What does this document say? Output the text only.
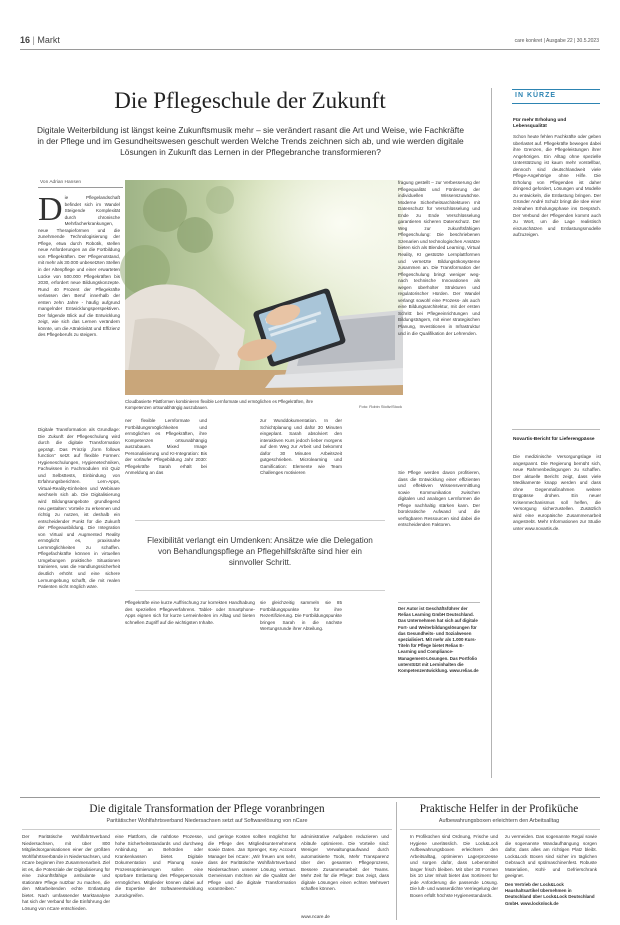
16 | Markt	care konkret | Ausgabe 22 | 30.5.2023
Die Pflegeschule der Zukunft
Digitale Weiterbildung ist längst keine Zukunftsmusik mehr – sie verändert rasant die Art und Weise, wie Fachkräfte in der Pflege und im Gesundheitswesen geschult werden Welche Trends zeichnen sich ab, und wie werden digitale Lösungen in Zukunft das Lernen in der Pflegebranche transformieren?
Von Adrian Hansen
D ie Pflegelandschaft befindet sich im Wandel Steigende Komplexität durch chronische Mehrfacherkrankungen, neue Therapieformen und die zunehmende Technologisierung der Pflege, etwa durch Robotik, stellen neue Anforderungen an die Fortbildung von Pflegekräften. Der Pflegenotstand, mit mehr als 30.000 unbesetzten Stellen in der Altenpflege und einer erwarteten Lücke von 500.000 Pflegekräften bis 2030, erfordert neue Bildungskonzepte. Rund 40 Prozent der Pflegekräfte verlassen den Beruf innerhalb der ersten zehn Jahre - häufig aufgrund mangelnder Entwicklungsperspektiven. Der folgende Blick auf die Entwicklung zeigt, wie sich das Lernen verändern könnte, um die Attraktivität und Effizienz des Pflegeberufs zu steigern.
Digitale Transformation als Grundlage: Die Zukunft der Pflegeschulung wird durch die digitale Transformation geprägt. Das Prinzip „form follows function“ setzt auf flexible Formen: Hygieneschulungen, Hygienetechniken, Fachwissen in Fachmodulen mit Quiz und Selbsttests, Einbindung von Erfahrungsberichten. Lern-Apps, Virtual-Reality-Einheiten und Webinare wechseln sich ab. Die Digitalisierung wird Bildungsangebote grundlegend neu gestalten: Vorteile zu erkennen und richtig zu nutzen, ist deshalb ein entscheidender Punkt für die Zukunft der Pflegeausbildung. Die Integration von Virtual und Augmented Reality ermöglicht es, praxisnahe Lernmöglichkeiten zu schaffen. Pflegefachkräfte können in virtuellen Umgebungen praktische Situationen trainieren, was die Handlungssicherheit deutlich erhöht und eine sichere Lernumgebung schafft, die mit realen Patienten nicht möglich wäre.
Cloudbasierte Plattformen kombinieren flexible Lernformate und ermöglichen es Pflegekräften, ihre Kompetenzen ortsunabhängig auszubauen.	Foto: Robin Stoltz/Stock
ner flexible Lernformate und Fortbildungsmöglichkeiten und ermöglichen es Pflegekräften, ihre Kompetenzen ortsunabhängig auszubauen. Mixed Image Personalisierung und KI-Integration: Bis der vorläufer Pflegebildung Jahr 2030: Pflegekräfte Sarah erhält bei Anmeldung an das
zur Wunddokumentation. In der Schichtplanung und dafür 30 Minuten eingeplant. Sarah absolviert den interaktiven Kurs jedoch lieber morgens auf dem Weg zur Arbeit und bekommt dafür 30 Minuten Arbeitszeit gutgeschrieben. Microlearning und Gamification: Elemente wie Team Challenges motivieren
Flexibilität verlangt ein Umdenken: Ansätze wie die Delegation von Behandlungspflege an Pflegehilfskräfte sind hier ein sinnvoller Schritt.
Pflegekräfte eine kurze Auffrischung zur korrekten Handhabung des speziellen Pflegeverfahrens. Tablet- oder Smartphone-Apps eignen sich für kurze Lerneinheiten im Alltag und bieten schnellen Zugriff auf die wichtigsten Inhalte.
sie gleichzeitig sammeln sie 85 Fortbildungspunkte für ihre Rezertifizierung. Die Fortbildungspunkte bringen Sarah in die nächste Wertungsrunde ihrer Abteilung.
fragung gestellt – zur Verbesserung der Pflegequalität und Förderung der individuellen Wissenszuwächse. Moderne Sicherheitsarchitekturen mit Datenschutz für Verschlüsselung und Ende zu Ende Verschlüsselung garantieren sicheren Datenschutz. Der Weg zur zukunftsfähigen Pflegeschulung: Die beschriebenen Szenarien und technologischen Ansätze bieten sich als Blended Learning, Virtual Reality, KI gestützte Lernplattformen und vernetzte Bildungsökosysteme zusammen an. Die Transformation der Pflegeschulung bringt weniger weg- nach technische Innovationen als wegen überholter Strukturen und regulatorischer Hürden. Der Wandel verlangt sowohl eine Prozess- als auch eine Bildungsarchitektur, mit der ersten Schritt: bei Pflegeeinrichtungen und Bildungsträgern, mit einer strategischen Planung, Investitionen in Infrastruktur und in die Qualifikation der Lehrenden.
Sie Pflege werden davon profitieren, dass die Entwicklung einer effizienten und effektiven Wissensvermittlung sowie Kommunikation zwischen digitalen und analogen Lernformen die Pflege nachhaltig stärken kann. Der bürokratische Aufwand und die verfügbaren Ressourcen sind dabei die entscheidenden Faktoren.
Der Autor ist Geschäftsführer der Relias Learning GmbH Deutschland. Das Unternehmen hat sich auf digitale Fort- und Weiterbildungslösungen für das Gesundheits- und Sozialwesen spezialisiert. Mit mehr als 1.000 Kurs-Titeln für Pflege bietet Relias E-Learning und Compliance-Management-Lösungen. Das Portfolio unterstützt mit Lerninhalten die Kompetenzentwicklung. www.relias.de
IN KÜRZE
Für mehr Erholung und Lebensqualität
Schon heute fehlen Fachkräfte oder geben überlastet auf. Pflegekräfte bewegen dabei ihre Grenzen, die Pflegeleistungen ihrer Angehörigen. Ein Alltag ohne spezielle Unterstützung ist kaum mehr vorstellbar, dennoch sind deutschlandweit viele Pflege-Angehörige ohne Hilfe. Die Erholung von Pflegenden ist daher dringend gefordert, Lösungen und Modelle zu entwickeln, die Entlastung bringen. Der Gründer André Schulz bringt die Idee einer zeitnahen Erholungsphase ins Gespräch. Der Verbund der Pflegenden kommt auch zu Wort, um die Lage realistisch einzuschätzen und Entlastungsmodelle aufzuzeigen.
Novartis-Bericht für Lieferengpässe
Die medizinische Versorgungslage ist angespannt. Die Regierung bemüht sich, neue Rahmenbedingungen zu schaffen. Der aktuelle Bericht zeigt, dass viele Medikamente knapp werden und dass ohne Gegenmaßnahmen weitere Engpässe drohen. Ein neuer Krisenmechanismus soll helfen, die Versorgung sicherzustellen. Zusätzlich wird eine europäische Zusammenarbeit angestrebt. Mehr Informationen zur Studie unter www.novartis.de.
Die digitale Transformation der Pflege voranbringen
Paritätischer Wohlfahrtsverband Niedersachsen setzt auf Softwarelösung von nCare
Der Paritätische Wohlfahrtsverband Niedersachsen, mit über 800 Mitgliedsorganisationen einer der größten Wohlfahrtsverbände in Niedersachsen, und nCare beginnen ihre Zusammenarbeit. Ziel ist es, die Potenziale der Digitalisierung für eine zukunftsfähige ambulante und stationäre Pflege nutzbar zu machen, die den Mitarbeitenden echte Entlastung bietet. Nach umfassender Marktanalyse hat sich der Verband für die Einführung der Lösung von nCare entschieden.
eine Plattform, die nahtlose Prozesse, hohe Sicherheitsstandards und durchweg Anbindung an Behörden oder Krankenkassen bietet. Digitale Dokumentation und Planung sowie Prozessoptimierungen sollen eine spürbare Entlastung des Pflegepersonals ermöglichen. Mitglieder können dabei auf die Expertise der Softwareentwicklung zurückgreifen.
und geringe Kosten sollten möglichst für die Pflege des Mitgliedsunternehmens sowie Daten. Jan Sprenger, Key Account Manager bei nCare: „Wir freuen uns sehr, dass der Paritätische Wohlfahrtsverband Niedersachsen unserer Lösung vertraut. Gemeinsam möchten wir die Qualität der Pflege und die digitale Transformation vorantreiben.“
administrative Aufgaben reduzieren und Abläufe optimieren. Die Vorteile sind: Weniger Verwaltungsaufwand durch automatisierte Tools, Mehr Transparenz über den gesamten Pflegeprozess, Bessere Zusammenarbeit der Teams. Mehr Zeit für die Pflege: Das zeigt, dass digitale Lösungen einen echten Mehrwert schaffen können.
www.ncare.de
Praktische Helfer in der Profiküche
Aufbewahrungsboxen erleichtern den Arbeitsalltag
In Profiküchen sind Ordnung, Frische und Hygiene unerlässlich. Die Lock&Lock Aufbewahrungsboxen erleichtern den Arbeitsalltag, optimieren Lagerprozesse und sorgen dafür, dass Lebensmittel länger frisch bleiben. Mit über 30 Formen bis 10 Liter Inhalt bietet das Sortiment für jede Anforderung die passende Lösung. Die luft- und wasserdichte Verriegelung der Boxen erfüllt höchste Hygienestandards.
zu vermeiden. Das sogenannte Regal sowie die sogenannte Wandaufhängung sorgen dafür, dass alles am richtigen Platz bleibt. Lock&Lock Boxen sind sicher im täglichen Gebrauch und spülmaschinenfest. Robuste Materialien, Kühl- und Gefrierschrank geeignet.
Den Vertrieb der Lock&Lock Haushaltsartikel übernehmen in Deutschland über Lock&Lock Deutschland GmbH. www.locknlock.de
